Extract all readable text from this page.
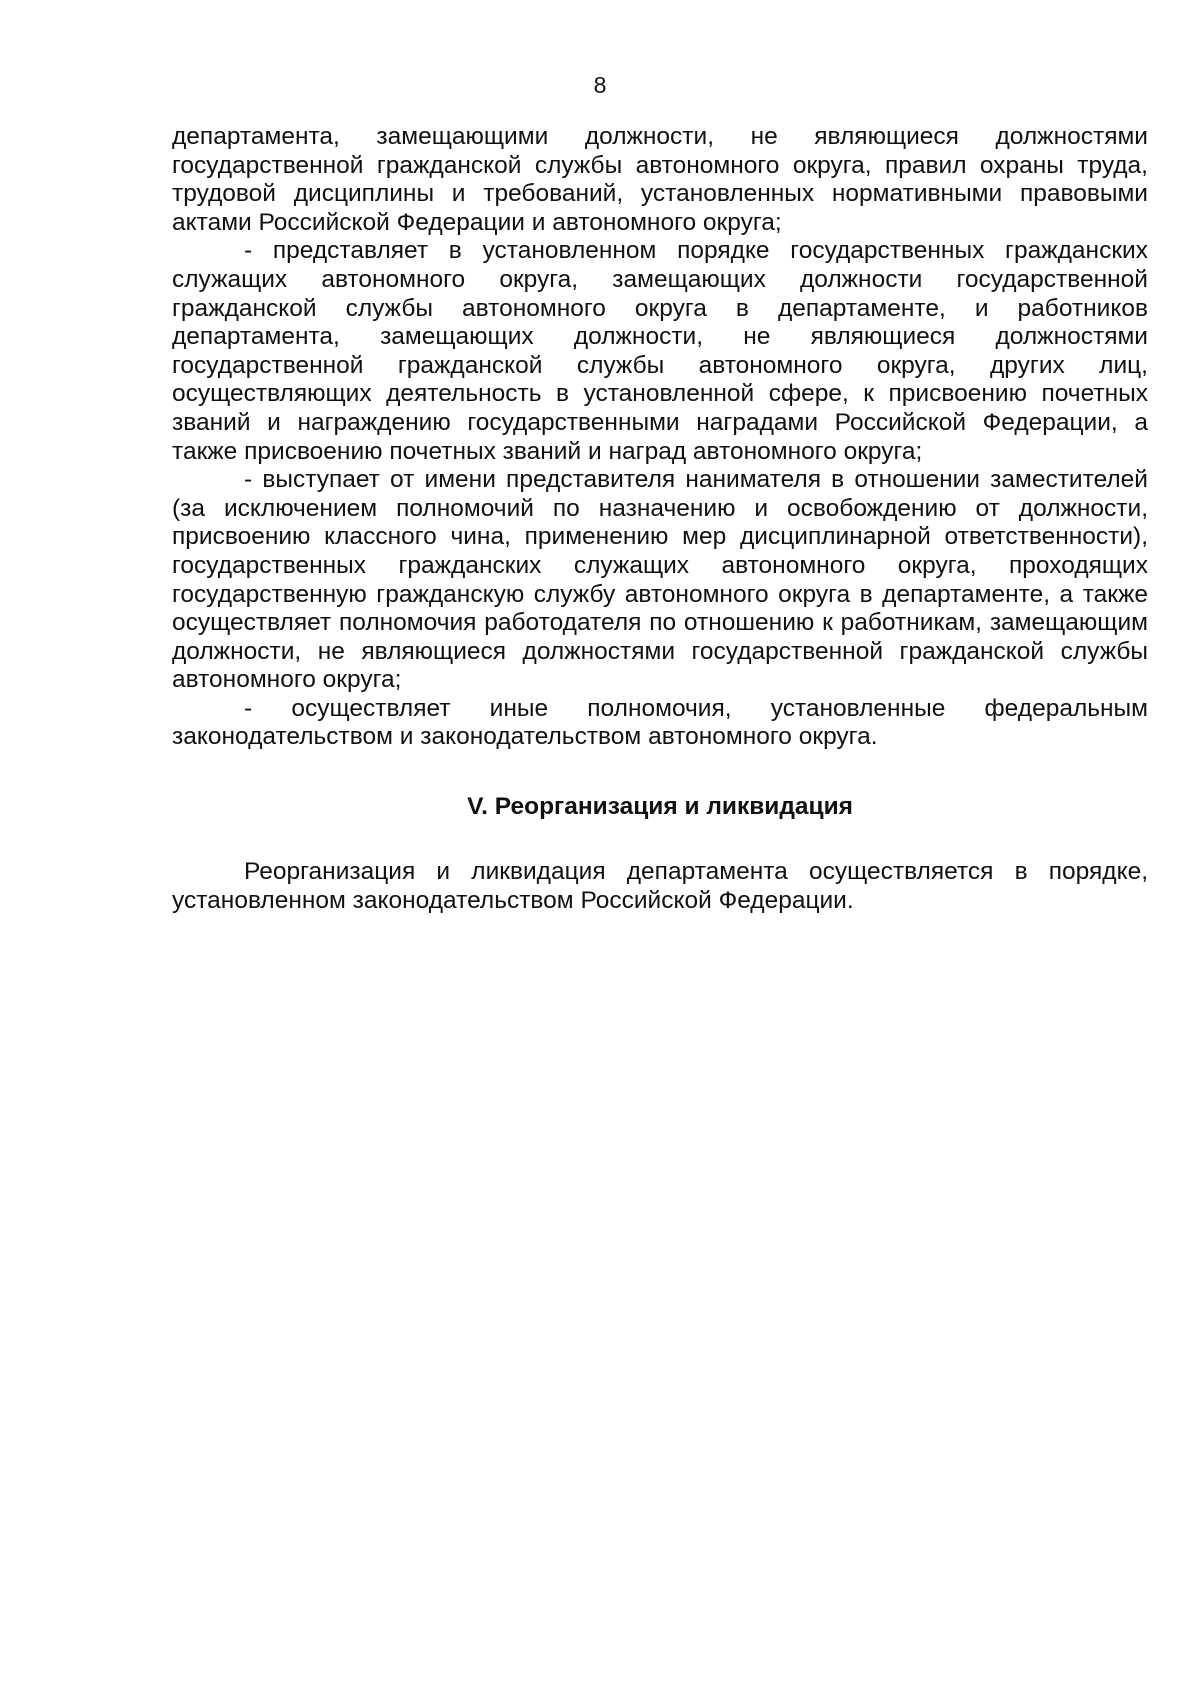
8

департамента, замещающими должности, не являющиеся должностями государственной гражданской службы автономного округа, правил охраны труда, трудовой дисциплины и требований, установленных нормативными правовыми актами Российской Федерации и автономного округа;

- представляет в установленном порядке государственных гражданских служащих автономного округа, замещающих должности государственной гражданской службы автономного округа в департаменте, и работников департамента, замещающих должности, не являющиеся должностями государственной гражданской службы автономного округа, других лиц, осуществляющих деятельность в установленной сфере, к присвоению почетных званий и награждению государственными наградами Российской Федерации, а также присвоению почетных званий и наград автономного округа;

- выступает от имени представителя нанимателя в отношении заместителей (за исключением полномочий по назначению и освобождению от должности, присвоению классного чина, применению мер дисциплинарной ответственности), государственных гражданских служащих автономного округа, проходящих государственную гражданскую службу автономного округа в департаменте, а также осуществляет полномочия работодателя по отношению к работникам, замещающим должности, не являющиеся должностями государственной гражданской службы автономного округа;

- осуществляет иные полномочия, установленные федеральным законодательством и законодательством автономного округа.

V. Реорганизация и ликвидация

Реорганизация и ликвидация департамента осуществляется в порядке, установленном законодательством Российской Федерации.
